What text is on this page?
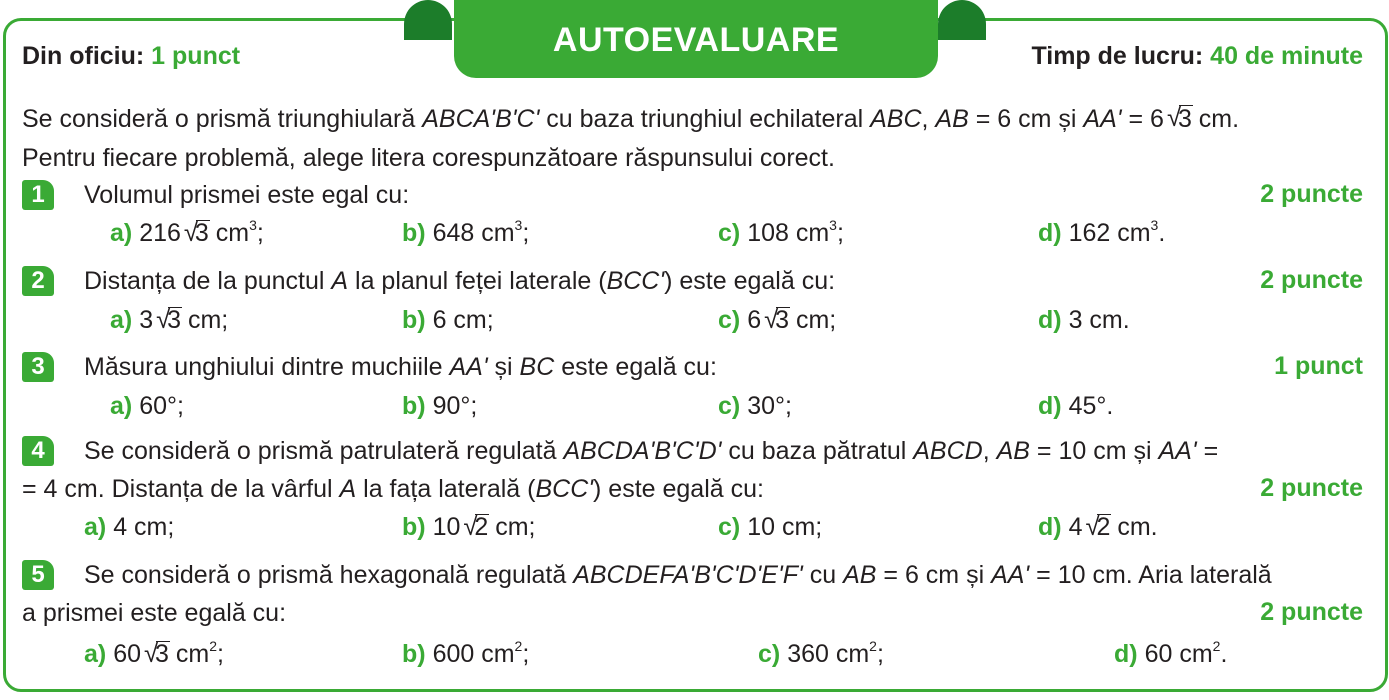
AUTOEVALUARE
Din oficiu: 1 punct	Timp de lucru: 40 de minute
Se consideră o prismă triunghiulară ABCA'B'C' cu baza triunghiul echilateral ABC, AB = 6 cm și AA' = 6 √
3 cm.
Pentru fiecare problemă, alege litera corespunzătoare răspunsului corect.
1	Volumul prismei este egal cu:	2 puncte
a) 216 √
3 $cm^3$;	b) 648 $cm^3$;	c) 108 $cm^3$;	d) 162 $cm^3$.
2	Distanța de la punctul A la planul feței laterale (BCC') este egală cu:	2 puncte
a) 3 √
3 cm;	b) 6 cm;	c) 6 √
3 cm;	d) 3 cm.
3	Măsura unghiului dintre muchiile AA' și BC este egală cu:	1 punct
a) 60°;	b) 90°;	c) 30°;	d) 45°.
4	Se consideră o prismă patrulateră regulată ABCDA'B'C'D' cu baza pătratul ABCD, AB = 10 cm și AA' =
= 4 cm. Distanța de la vârful A la fața laterală (BCC') este egală cu:	2 puncte
a) 4 cm;	b) 10 √
2 cm;	c) 10 cm;	d) 4 √
2 cm.
5	Se consideră o prismă hexagonală regulată ABCDEFA'B'C'D'E'F' cu AB = 6 cm și AA' = 10 cm. Aria laterală
a prismei este egală cu:	2 puncte
a) 60 √
3 $cm^2$;	b) 600 $cm^2$;	c) 360 $cm^2$;	d) 60 $cm^2$.
